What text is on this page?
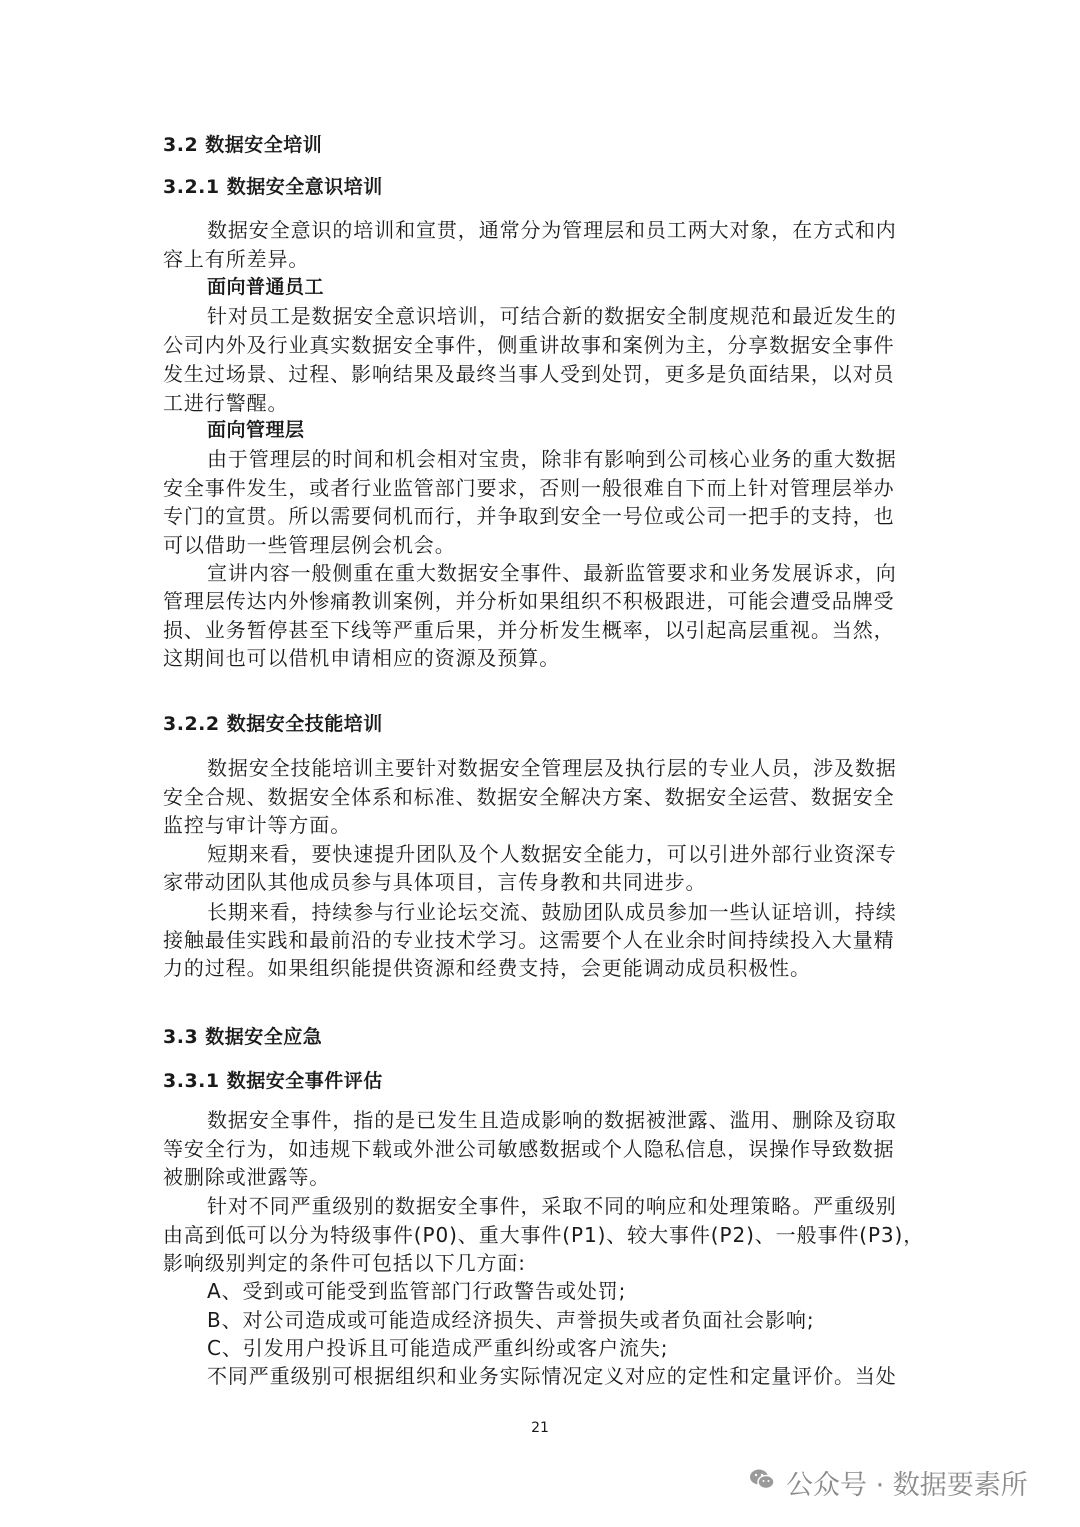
3.2 数据安全培训
3.2.1 数据安全意识培训
数据安全意识的培训和宣贯，通常分为管理层和员工两大对象，在方式和内
容上有所差异。
面向普通员工
针对员工是数据安全意识培训，可结合新的数据安全制度规范和最近发生的
公司内外及行业真实数据安全事件，侧重讲故事和案例为主，分享数据安全事件
发生过场景、过程、影响结果及最终当事人受到处罚，更多是负面结果，以对员
工进行警醒。
面向管理层
由于管理层的时间和机会相对宝贵，除非有影响到公司核心业务的重大数据
安全事件发生，或者行业监管部门要求，否则一般很难自下而上针对管理层举办
专门的宣贯。所以需要伺机而行，并争取到安全一号位或公司一把手的支持，也
可以借助一些管理层例会机会。
宣讲内容一般侧重在重大数据安全事件、最新监管要求和业务发展诉求，向
管理层传达内外惨痛教训案例，并分析如果组织不积极跟进，可能会遭受品牌受
损、业务暂停甚至下线等严重后果，并分析发生概率，以引起高层重视。当然，
这期间也可以借机申请相应的资源及预算。
3.2.2 数据安全技能培训
数据安全技能培训主要针对数据安全管理层及执行层的专业人员，涉及数据
安全合规、数据安全体系和标准、数据安全解决方案、数据安全运营、数据安全
监控与审计等方面。
短期来看，要快速提升团队及个人数据安全能力，可以引进外部行业资深专
家带动团队其他成员参与具体项目，言传身教和共同进步。
长期来看，持续参与行业论坛交流、鼓励团队成员参加一些认证培训，持续
接触最佳实践和最前沿的专业技术学习。这需要个人在业余时间持续投入大量精
力的过程。如果组织能提供资源和经费支持，会更能调动成员积极性。
3.3 数据安全应急
3.3.1 数据安全事件评估
数据安全事件，指的是已发生且造成影响的数据被泄露、滥用、删除及窃取
等安全行为，如违规下载或外泄公司敏感数据或个人隐私信息，误操作导致数据
被删除或泄露等。
针对不同严重级别的数据安全事件，采取不同的响应和处理策略。严重级别
由高到低可以分为特级事件(P0)、重大事件(P1)、较大事件(P2)、一般事件(P3)，
影响级别判定的条件可包括以下几方面:
A、受到或可能受到监管部门行政警告或处罚;
B、对公司造成或可能造成经济损失、声誉损失或者负面社会影响;
C、引发用户投诉且可能造成严重纠纷或客户流失;
不同严重级别可根据组织和业务实际情况定义对应的定性和定量评价。当处
21
公众号 · 数据要素所
